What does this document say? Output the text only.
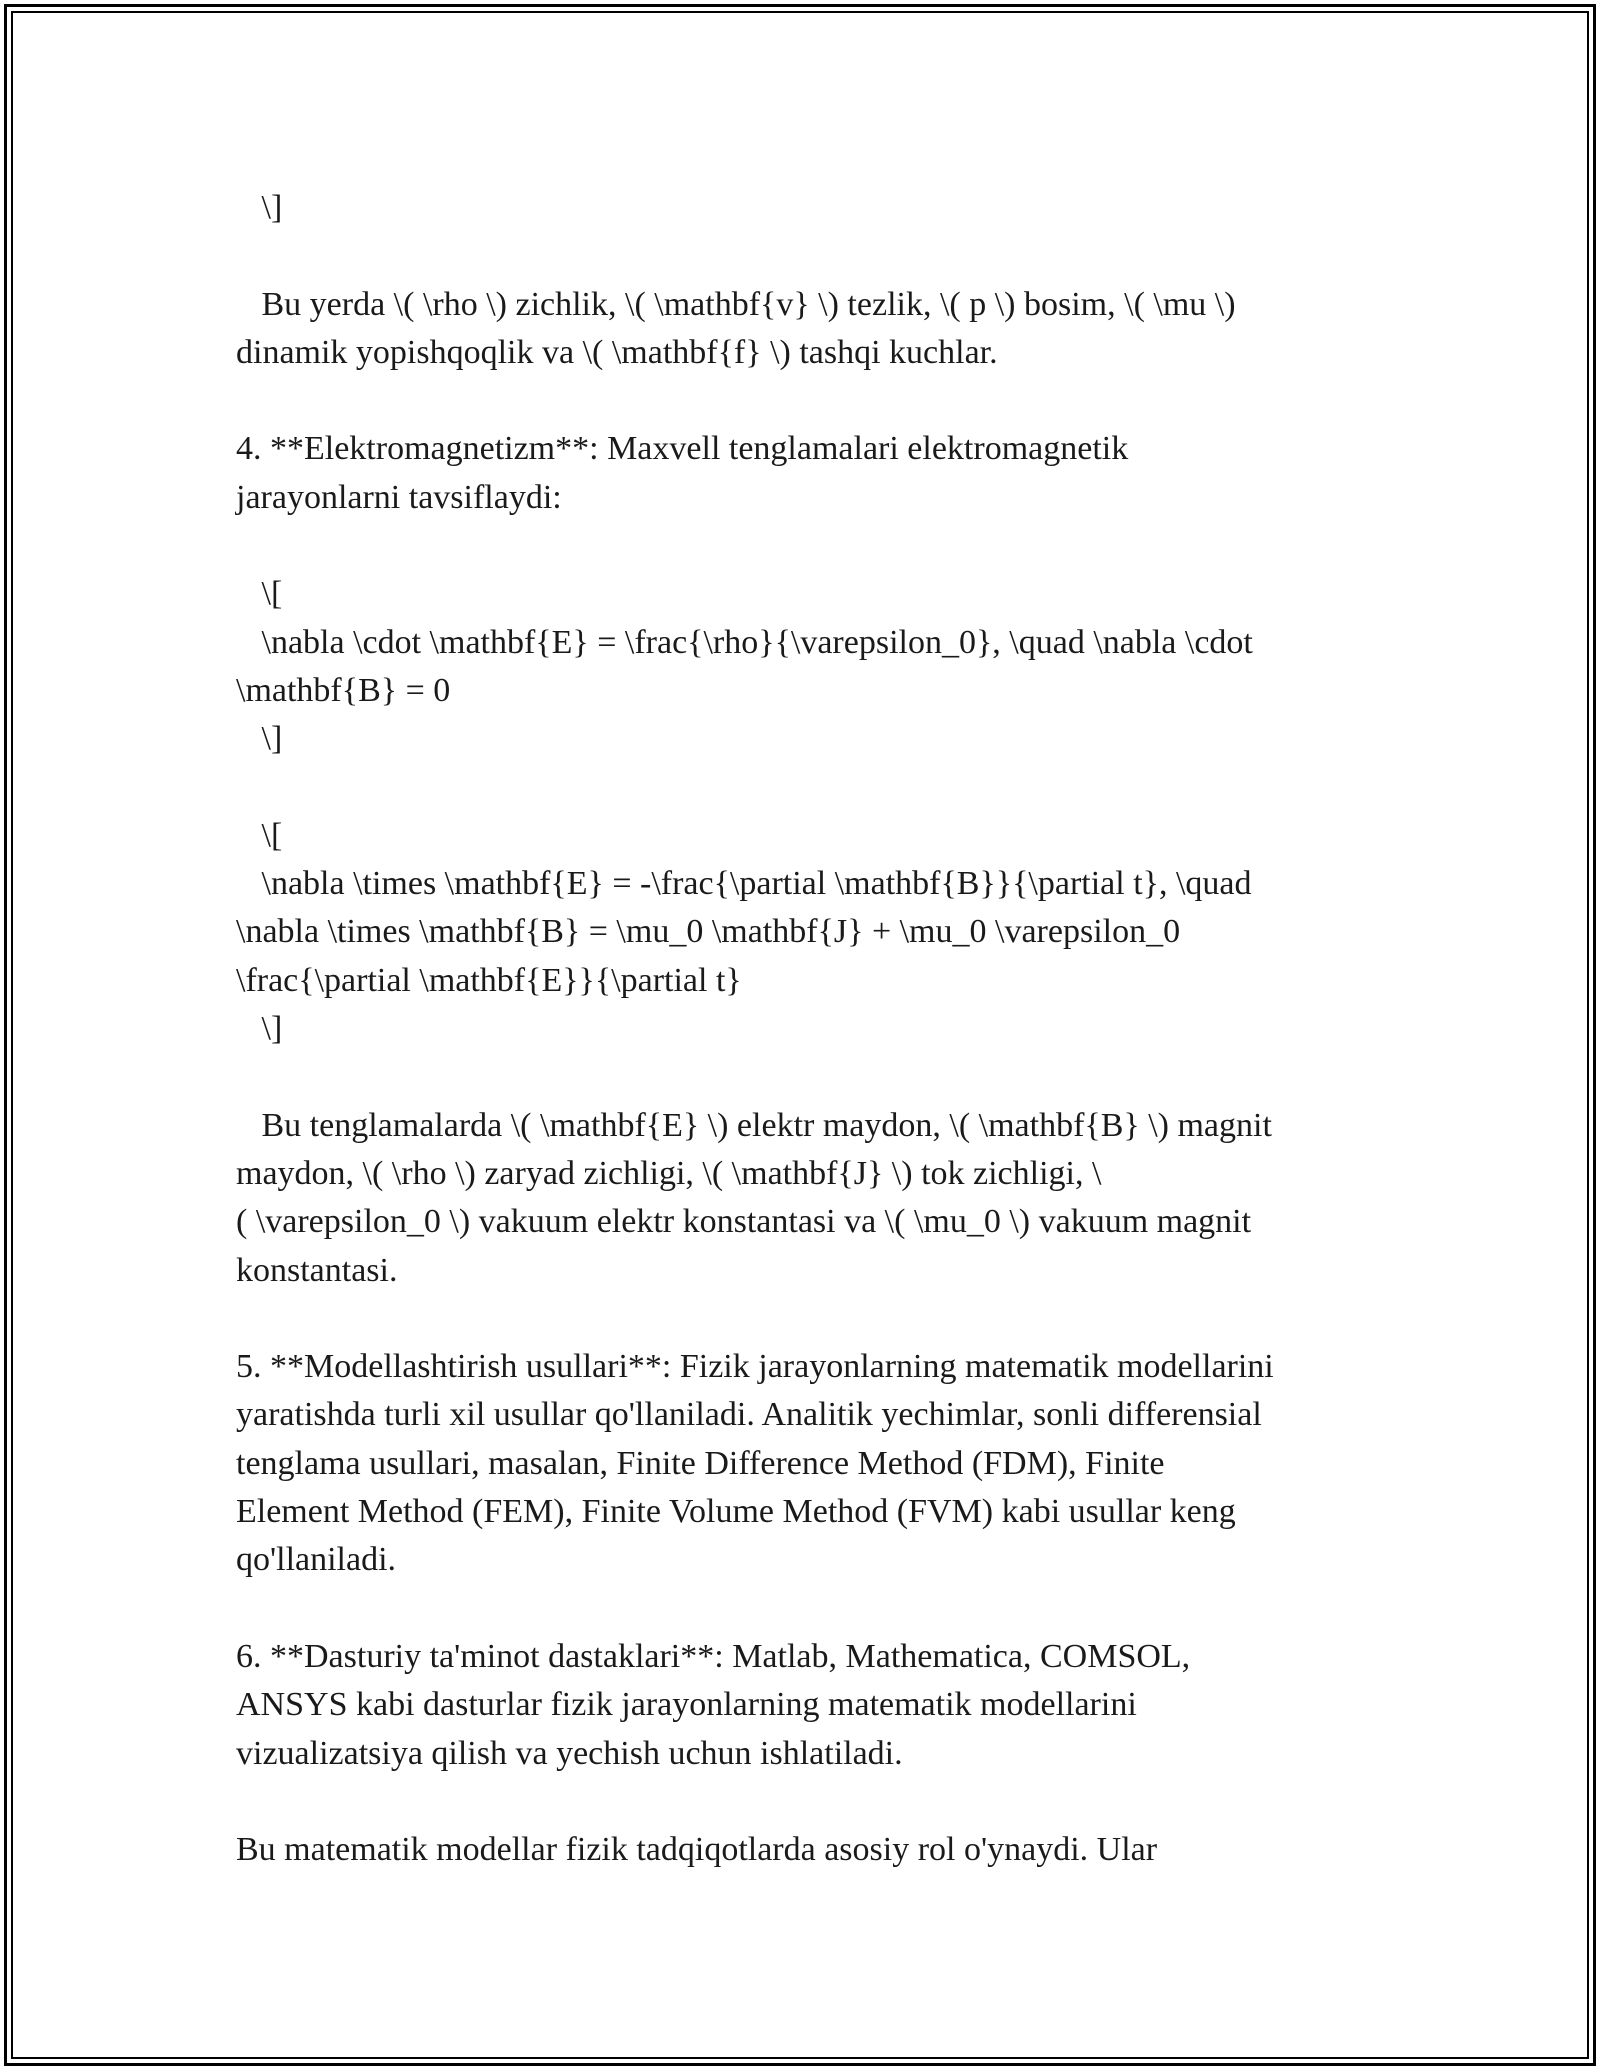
\]
Bu yerda \( \rho \) zichlik, \( \mathbf{v} \) tezlik, \( p \) bosim, \( \mu \)
dinamik yopishqoqlik va \( \mathbf{f} \) tashqi kuchlar.
4. **Elektromagnetizm**: Maxvell tenglamalari elektromagnetik
jarayonlarni tavsiflaydi:
\[
\nabla \cdot \mathbf{E} = \frac{\rho}{\varepsilon_0}, \quad \nabla \cdot
\mathbf{B} = 0
\]
\[
\nabla \times \mathbf{E} = -\frac{\partial \mathbf{B}}{\partial t}, \quad
\nabla \times \mathbf{B} = \mu_0 \mathbf{J} + \mu_0 \varepsilon_0
\frac{\partial \mathbf{E}}{\partial t}
\]
Bu tenglamalarda \( \mathbf{E} \) elektr maydon, \( \mathbf{B} \) magnit
maydon, \( \rho \) zaryad zichligi, \( \mathbf{J} \) tok zichligi, \
( \varepsilon_0 \) vakuum elektr konstantasi va \( \mu_0 \) vakuum magnit
konstantasi.
5. **Modellashtirish usullari**: Fizik jarayonlarning matematik modellarini
yaratishda turli xil usullar qo'llaniladi. Analitik yechimlar, sonli differensial
tenglama usullari, masalan, Finite Difference Method (FDM), Finite
Element Method (FEM), Finite Volume Method (FVM) kabi usullar keng
qo'llaniladi.
6. **Dasturiy ta'minot dastaklari**: Matlab, Mathematica, COMSOL,
ANSYS kabi dasturlar fizik jarayonlarning matematik modellarini
vizualizatsiya qilish va yechish uchun ishlatiladi.
Bu matematik modellar fizik tadqiqotlarda asosiy rol o'ynaydi. Ular
